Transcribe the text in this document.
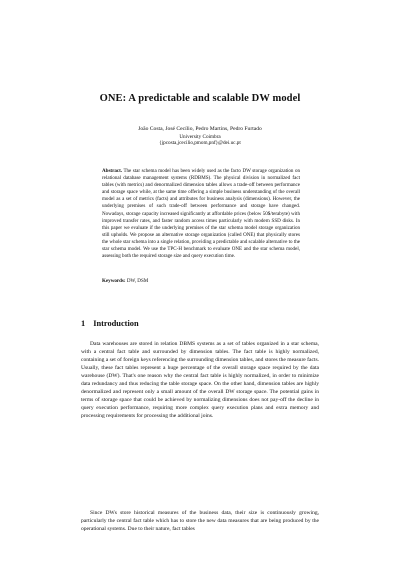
ONE: A predictable and scalable DW model
João Costa, José Cecílio, Pedro Martins, Pedro Furtado
University Coimbra
{jpcosta,jcecilio,pmom,pnf}@dei.uc.pt
Abstract. The star schema model has been widely used as the facto DW storage organization on relational database management systems (RDBMS). The physical division in normalized fact tables (with metrics) and denormalized dimension tables allows a trade-off between performance and storage space while, at the same time offering a simple business understanding of the overall model as a set of metrics (facts) and attributes for business analysis (dimensions). However, the underlying premises of such trade-off between performance and storage have changed. Nowadays, storage capacity increased significantly at affordable prices (below 50$/terabyte) with improved transfer rates, and faster random access times particularly with modern SSD disks. In this paper we evaluate if the underlying premises of the star schema model storage organization still upholds. We propose an alternative storage organization (called ONE) that physically stores the whole star schema into a single relation, providing a predictable and scalable alternative to the star schema model. We use the TPC-H benchmark to evaluate ONE and the star schema model, assessing both the required storage size and query execution time.
Keywords: DW, DSM
1 Introduction

Data warehouses are stored in relation DBMS systems as a set of tables organized in a star schema, with a central fact table and surrounded by dimension tables. The fact table is highly normalized, containing a set of foreign keys referencing the surrounding dimension tables, and stores the measure facts. Usually, these fact tables represent a huge percentage of the overall storage space required by the data warehouse (DW). That's one reason why the central fact table is highly normalized, in order to minimize data redundancy and thus reducing the table storage space. On the other hand, dimension tables are highly denormalized and represent only a small amount of the overall DW storage space. The potential gains in terms of storage space that could be achieved by normalizing dimensions does not pay-off the decline in query execution performance, requiring more complex query execution plans and extra memory and processing requirements for processing the additional joins.

Since DWs store historical measures of the business data, their size is continuously growing, particularly the central fact table which has to store the new data measures that are being produced by the operational systems. Due to their nature, fact tables
